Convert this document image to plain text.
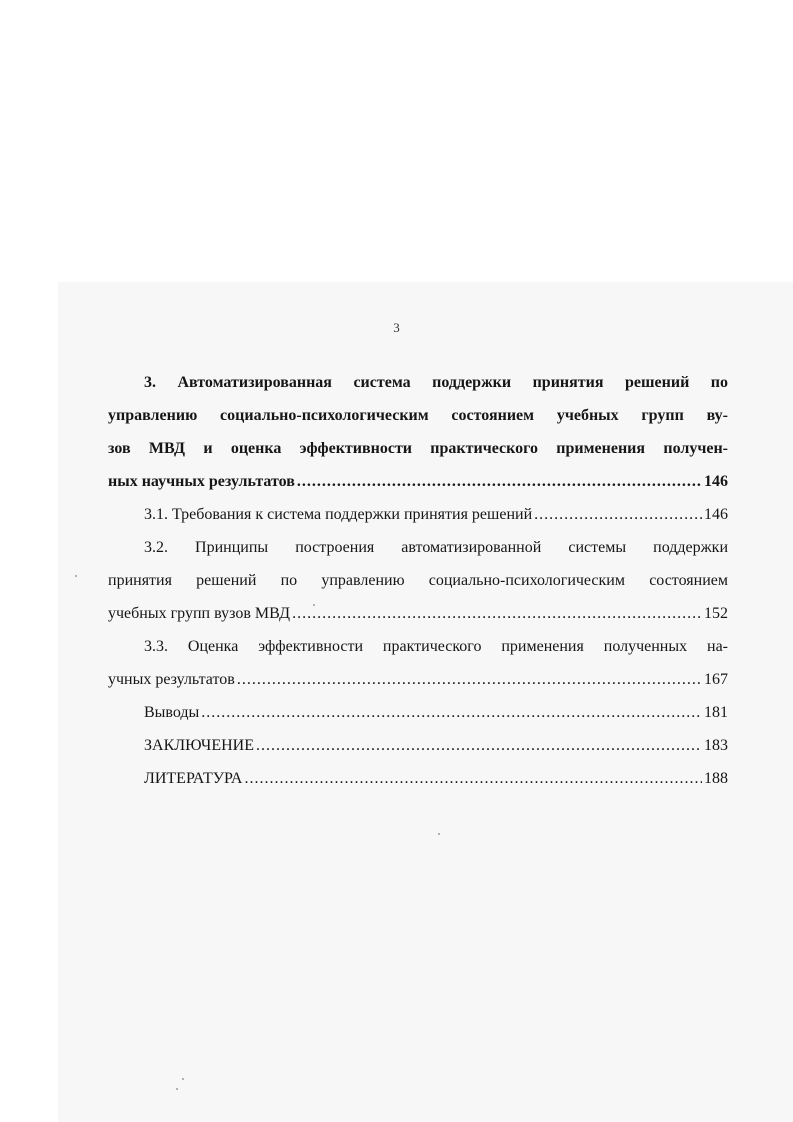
3
3. Автоматизированная система поддержки принятия решений по
управлению социально-психологическим состоянием учебных групп ву-
зов МВД и оценка эффективности практического применения получен-
ных научных результатов .....	146
3.1. Требования к система поддержки принятия решений .....	146
3.2. Принципы построения автоматизированной системы поддержки
принятия решений по управлению социально-психологическим состоянием
учебных групп вузов МВД .....	152
3.3. Оценка эффективности практического применения полученных на-
учных результатов .....	167
Выводы .....	181
ЗАКЛЮЧЕНИЕ .....	183
ЛИТЕРАТУРА .....	188
